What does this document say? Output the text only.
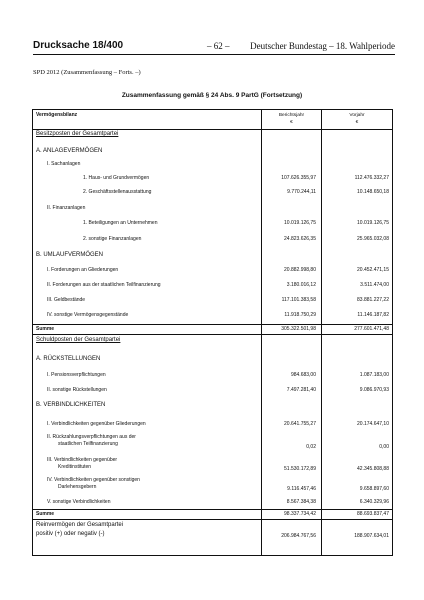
Drucksache 18/400	– 62 – Deutscher Bundestag – 18. Wahlperiode
SPD 2012 (Zusammenfassung – Forts. –)
Zusammenfassung gemäß § 24 Abs. 9 PartG (Fortsetzung)
Vermögensbilanz	Berichtsjahr
€
Vorjahr
€
Besitzposten der Gesamtpartei
A. ANLAGEVERMÖGEN
I. Sachanlagen
1. Haus- und Grundvermögen	107.626.355,97	112.476.332,27
2. Geschäftsstellenausstattung	9.770.244,11	10.148.650,18
II. Finanzanlagen
1. Beteiligungen an Unternehmen	10.019.126,75	10.019.126,75
2. sonstige Finanzanlagen	24.823.626,35	25.965.032,08
B. UMLAUFVERMÖGEN
I. Forderungen an Gliederungen	20.882.998,80	20.452.471,15
II. Forderungen aus der staatlichen Teilfinanzierung	3.180.016,12	3.511.474,00
III. Geldbestände	117.101.383,58	83.881.227,22
IV. sonstige Vermögensgegenstände	11.918.750,29	11.146.187,82
Summe	305.322.501,98	277.601.471,48
Schuldposten der Gesamtpartei
A. RÜCKSTELLUNGEN
I. Pensionsverpflichtungen	984.683,00	1.087.183,00
II. sonstige Rückstellungen	7.497.281,40	9.086.970,93
B. VERBINDLICHKEITEN
I. Verbindlichkeiten gegenüber Gliederungen	20.641.755,27	20.174.647,10
II. Rückzahlungsverpflichtungen aus der
staatlichen Teilfinanzierung	0,02	0,00
III. Verbindlichkeiten gegenüber
Kreditinstituten	51.530.172,89	42.345.808,88
IV. Verbindlichkeiten gegenüber sonstigen
Darlehensgebern	9.116.457,46	9.658.897,60
V. sonstige Verbindlichkeiten	8.567.384,38	6.340.329,96
Summe	98.337.734,42	88.693.837,47
Reinvermögen der Gesamtpartei
positiv (+) oder negativ (-)	206.984.767,56	188.907.634,01
